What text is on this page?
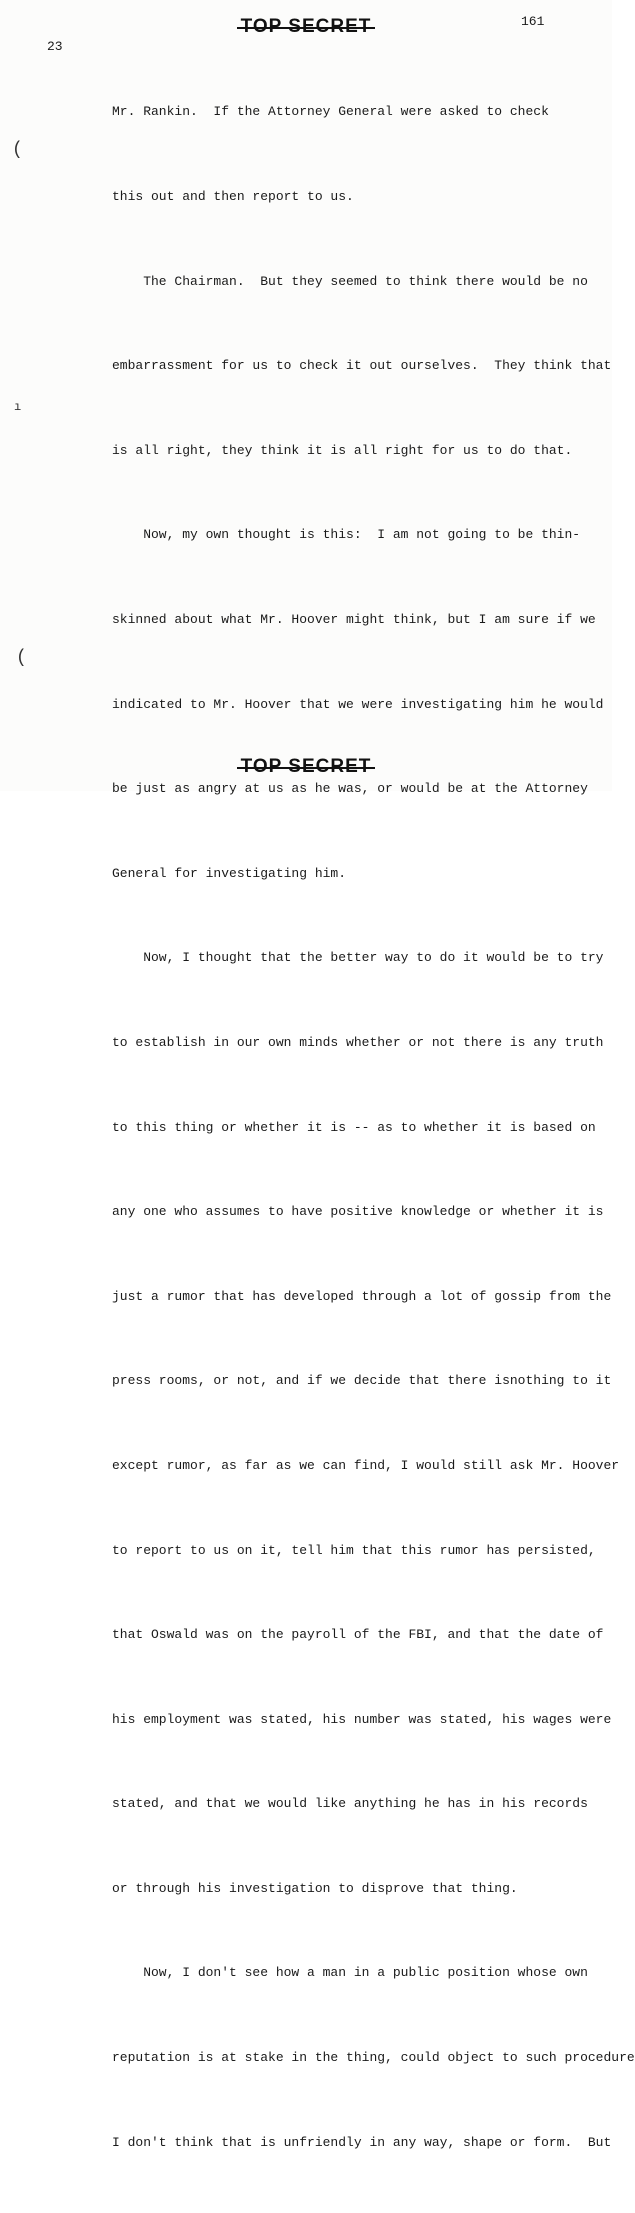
TOP SECRET	161
23
(
ı
(

Mr. Rankin.  If the Attorney General were asked to check

this out and then report to us.

The Chairman.  But they seemed to think there would be no

embarrassment for us to check it out ourselves.  They think that

is all right, they think it is all right for us to do that.

Now, my own thought is this:  I am not going to be thin-

skinned about what Mr. Hoover might think, but I am sure if we

indicated to Mr. Hoover that we were investigating him he would

be just as angry at us as he was, or would be at the Attorney

General for investigating him.

Now, I thought that the better way to do it would be to try

to establish in our own minds whether or not there is any truth

to this thing or whether it is -- as to whether it is based on

any one who assumes to have positive knowledge or whether it is

just a rumor that has developed through a lot of gossip from the

press rooms, or not, and if we decide that there isnothing to it

except rumor, as far as we can find, I would still ask Mr. Hoover

to report to us on it, tell him that this rumor has persisted,

that Oswald was on the payroll of the FBI, and that the date of

his employment was stated, his number was stated, his wages were

stated, and that we would like anything he has in his records

or through his investigation to disprove that thing.

Now, I don't see how a man in a public position whose own

reputation is at stake in the thing, could object to such procedure

I don't think that is unfriendly in any way, shape or form.  But

TOP SECRET
